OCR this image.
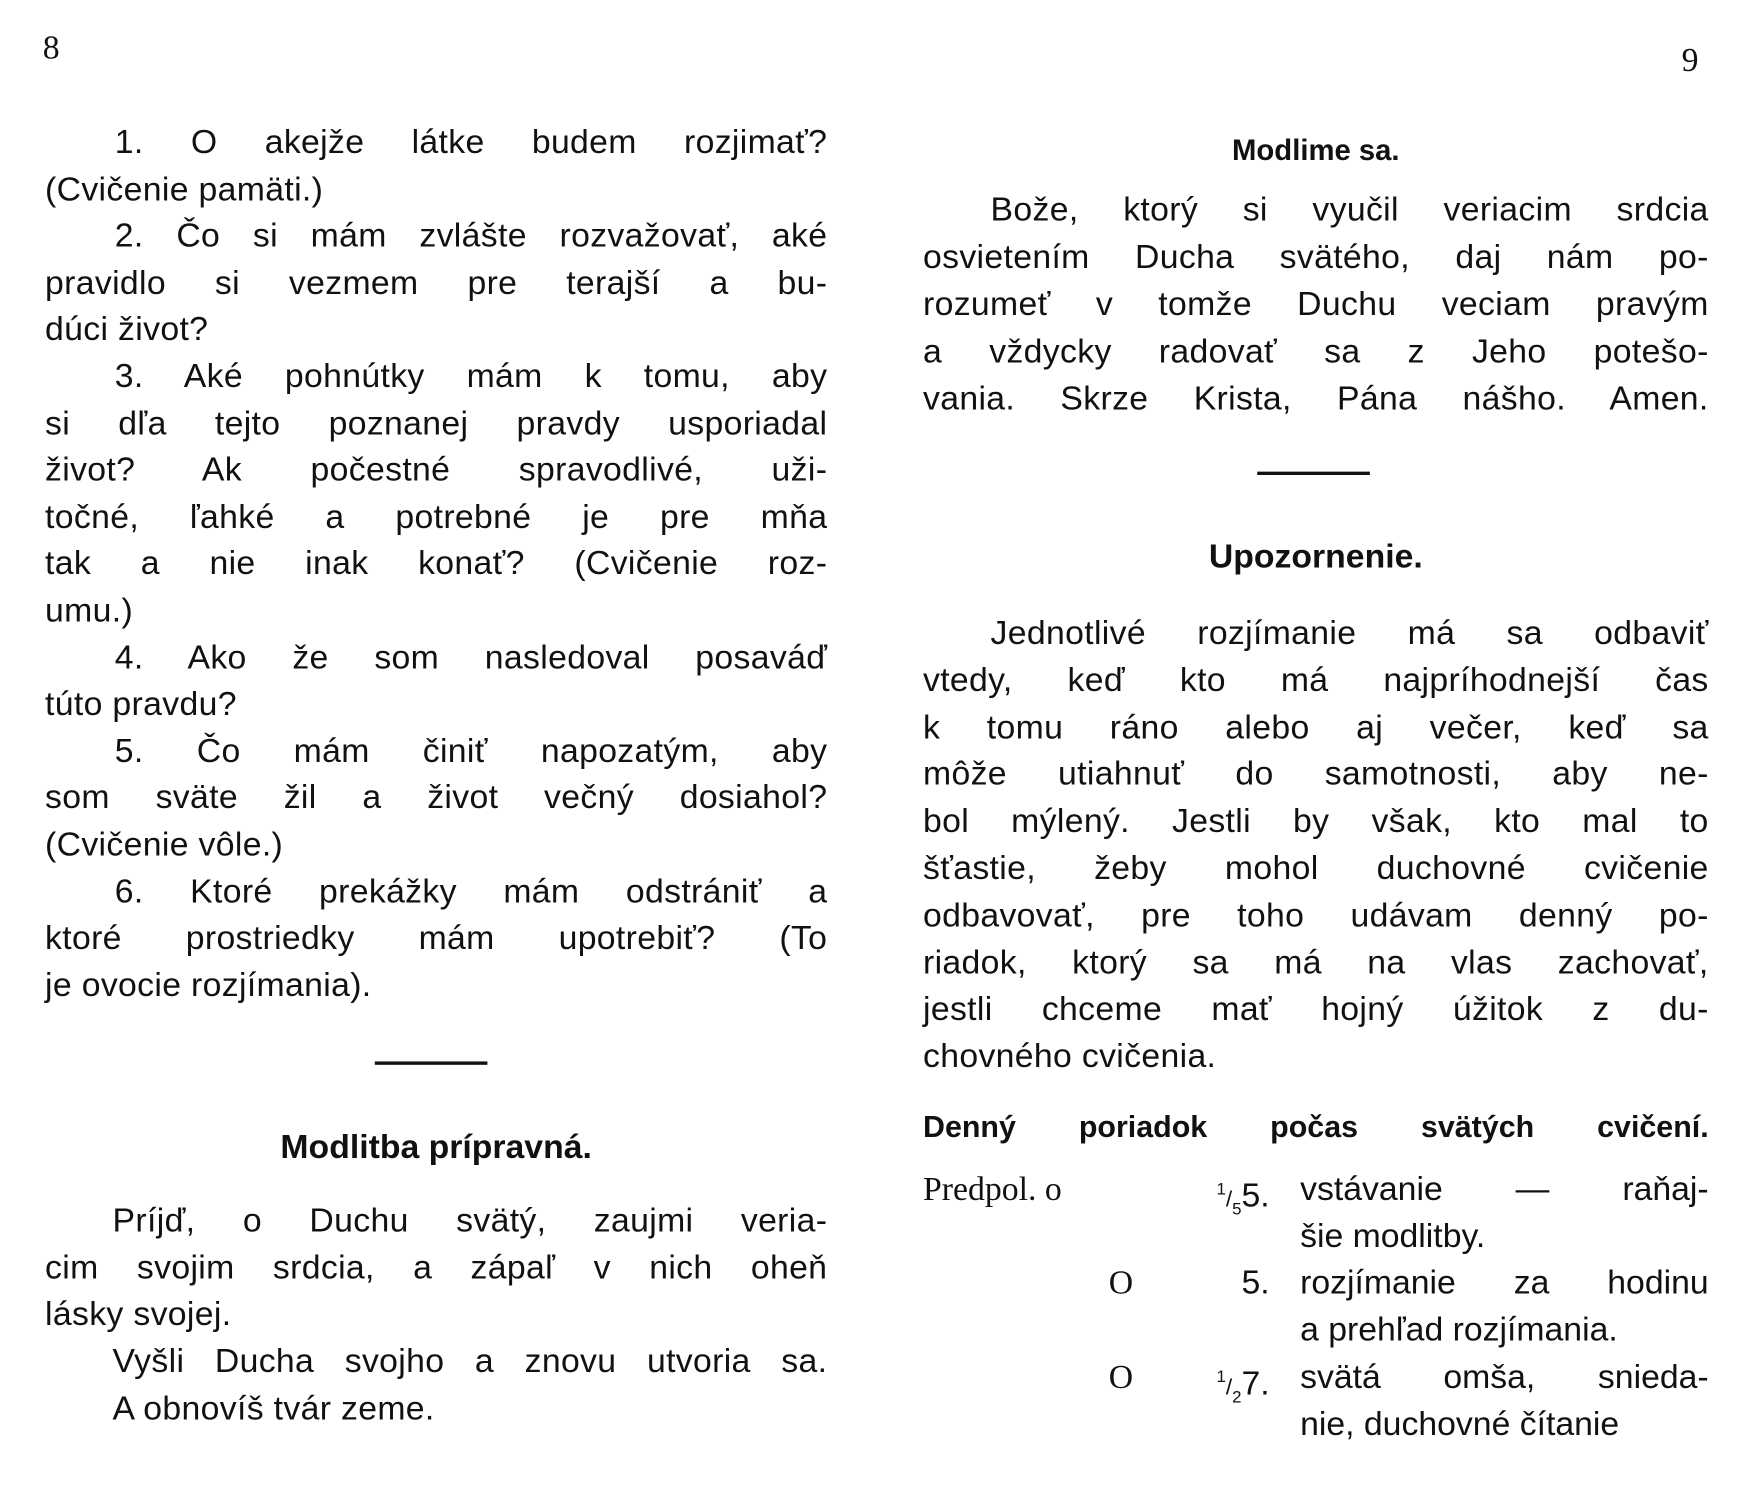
8	9
1. O akejže látke budem rozjimať?
(Cvičenie pamäti.)
2. Čo si mám zvlášte rozvažovať, aké
pravidlo si vezmem pre terajší a bu-
dúci život?
3. Aké pohnútky mám k tomu, aby
si dľa tejto poznanej pravdy usporiadal
život? Ak počestné spravodlivé, uži-
točné, ľahké a potrebné je pre mňa
tak a nie inak konať? (Cvičenie roz-
umu.)
4. Ako že som nasledoval posaváď
túto pravdu?
5. Čo mám činiť napozatým, aby
som sväte žil a život večný dosiahol?
(Cvičenie vôle.)
6. Ktoré prekážky mám odstrániť a
ktoré prostriedky mám upotrebiť? (To
je ovocie rozjímania).
Modlitba prípravná.
Príjď, o Duchu svätý, zaujmi veria-
cim svojim srdcia, a zápaľ v nich oheň
lásky svojej.
Vyšli Ducha svojho a znovu utvoria sa.
A obnovíš tvár zeme.
Modlime sa.
Bože, ktorý si vyučil veriacim srdcia
osvietením Ducha svätého, daj nám po-
rozumeť v tomže Duchu veciam pravým
a vždycky radovať sa z Jeho potešo-
vania. Skrze Krista, Pána nášho. Amen.
Upozornenie.
Jednotlivé rozjímanie má sa odbaviť
vtedy, keď kto má najpríhodnejší čas
k tomu ráno alebo aj večer, keď sa
môže utiahnuť do samotnosti, aby ne-
bol mýlený. Jestli by však, kto mal to
šťastie, žeby mohol duchovné cvičenie
odbavovať, pre toho udávam denný po-
riadok, ktorý sa má na vlas zachovať,
jestli chceme mať hojný úžitok z du-
chovného cvičenia.
Denný poriadok počas svätých cvičení.
Predpol. o	$^1/_55$. vstávanie — raňaj-
šie modlitby.
O	5. rozjímanie za hodinu
a prehľad rozjímania.
O	$^1/_27$. svätá omša, snieda-
nie, duchovné čítanie
